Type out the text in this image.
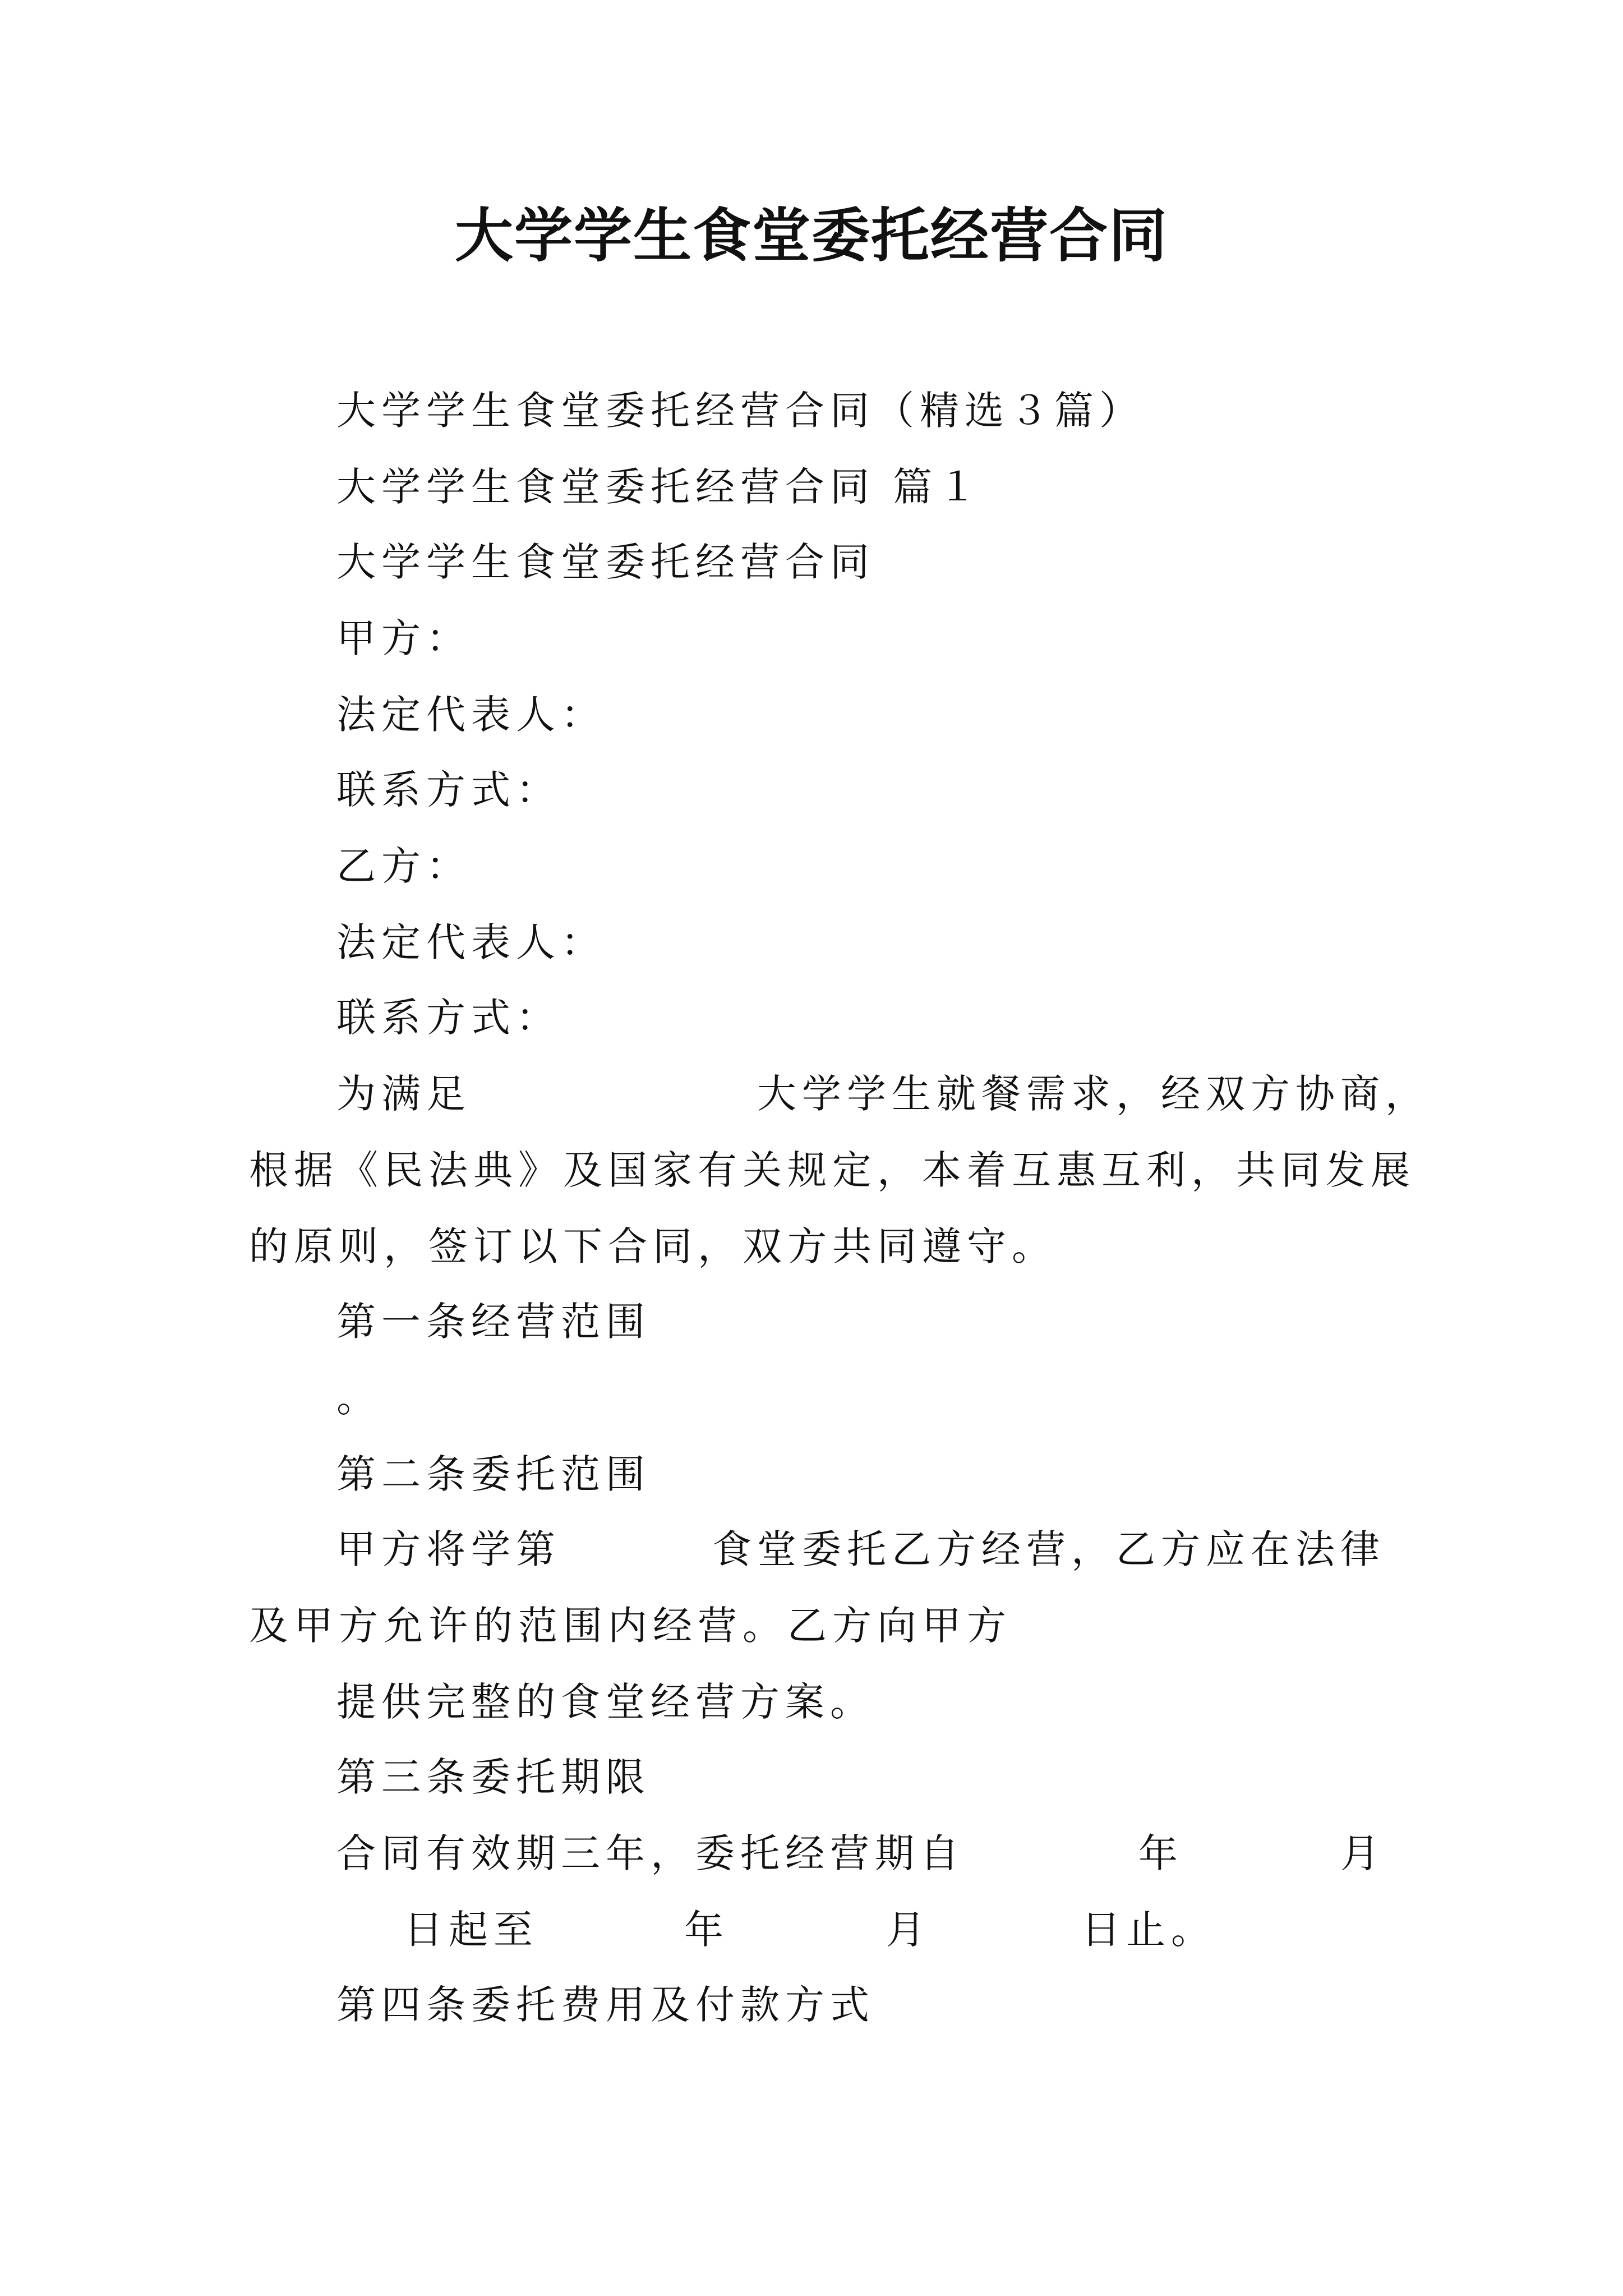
大学学生食堂委托经营合同
大学学生食堂委托经营合同（精选３篇）
大学学生食堂委托经营合同 篇１
大学学生食堂委托经营合同
甲方：
法定代表人：
联系方式：
乙方：
法定代表人：
联系方式：
为满足	大学学生就餐需求，经双方协商，
根据《民法典》及国家有关规定，本着互惠互利，共同发展
的原则，签订以下合同，双方共同遵守。
第一条经营范围
。
第二条委托范围
甲方将学第	食堂委托乙方经营，乙方应在法律
及甲方允许的范围内经营。乙方向甲方
提供完整的食堂经营方案。
第三条委托期限
合同有效期三年，委托经营期自	年	月
日起至	年	月	日止。
第四条委托费用及付款方式
